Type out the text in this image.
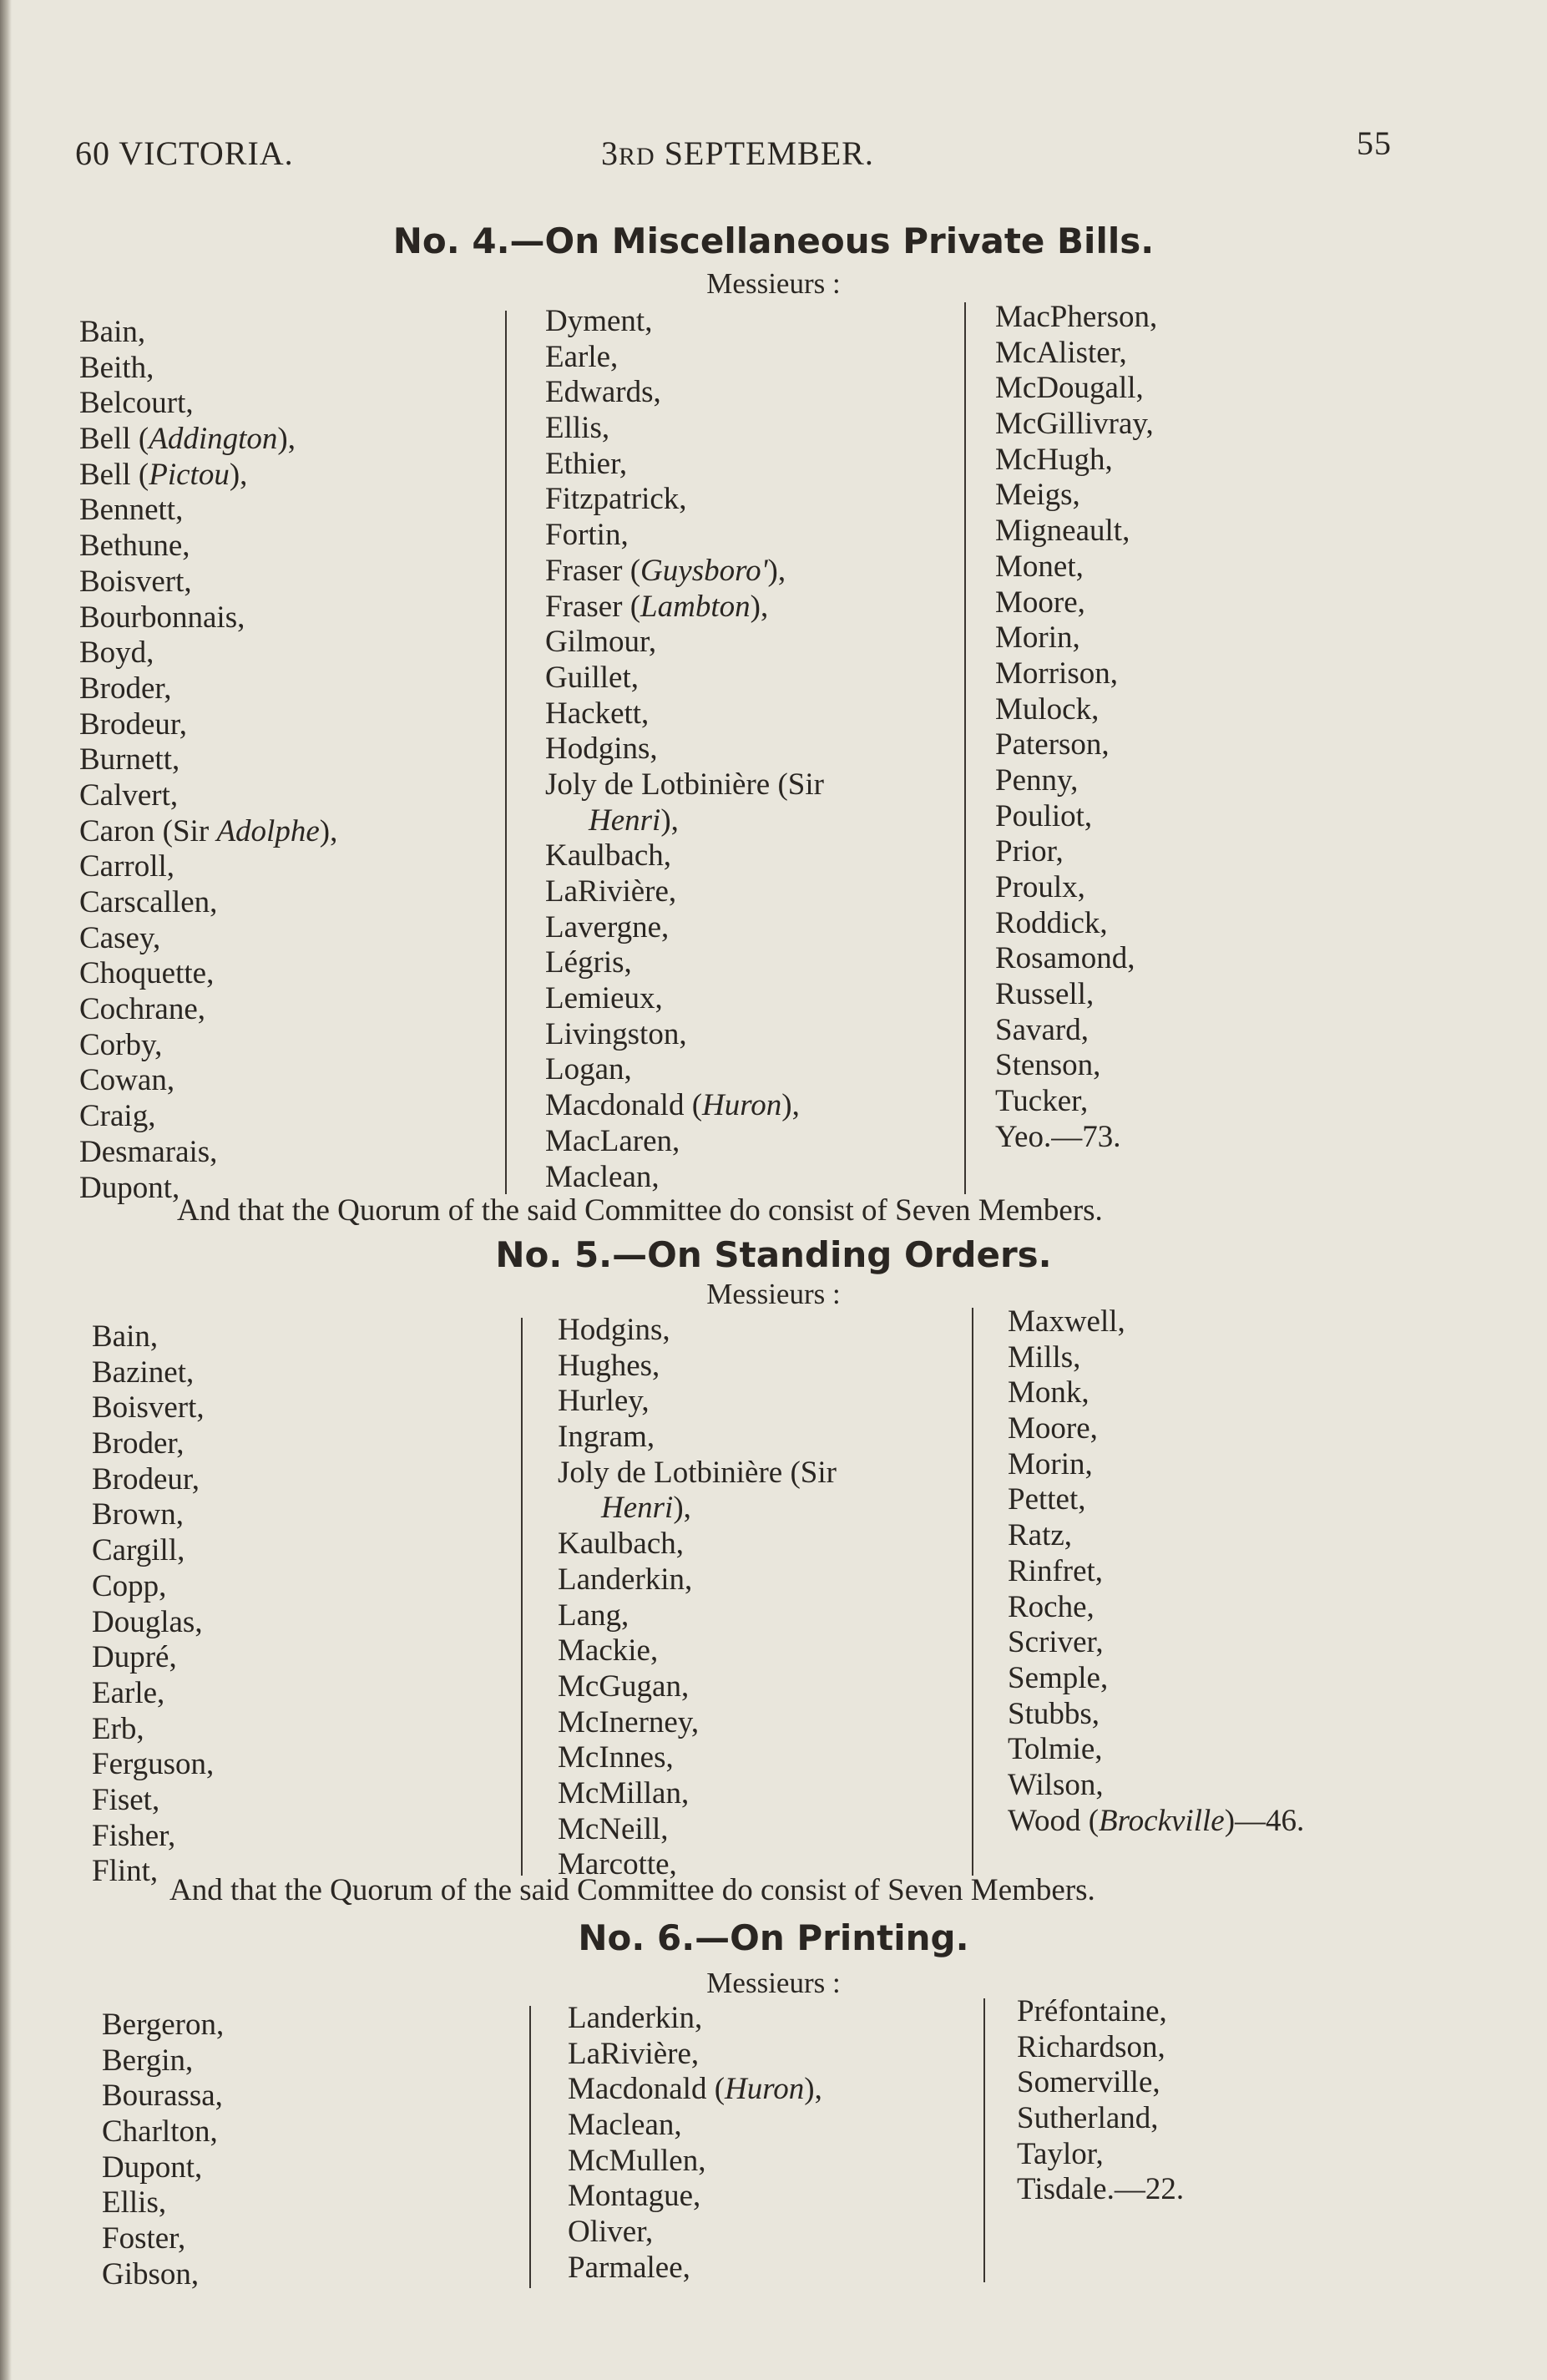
60 VICTORIA.	3RD SEPTEMBER.	55
No. 4.—On Miscellaneous Private Bills.
Messieurs :
Bain,
Beith,
Belcourt,
Bell (Addington),
Bell (Pictou),
Bennett,
Bethune,
Boisvert,
Bourbonnais,
Boyd,
Broder,
Brodeur,
Burnett,
Calvert,
Caron (Sir Adolphe),
Carroll,
Carscallen,
Casey,
Choquette,
Cochrane,
Corby,
Cowan,
Craig,
Desmarais,
Dupont,
Dyment,
Earle,
Edwards,
Ellis,
Ethier,
Fitzpatrick,
Fortin,
Fraser (Guysboro'),
Fraser (Lambton),
Gilmour,
Guillet,
Hackett,
Hodgins,
Joly de Lotbinière (Sir
Henri),
Kaulbach,
LaRivière,
Lavergne,
Légris,
Lemieux,
Livingston,
Logan,
Macdonald (Huron),
MacLaren,
Maclean,
MacPherson,
McAlister,
McDougall,
McGillivray,
McHugh,
Meigs,
Migneault,
Monet,
Moore,
Morin,
Morrison,
Mulock,
Paterson,
Penny,
Pouliot,
Prior,
Proulx,
Roddick,
Rosamond,
Russell,
Savard,
Stenson,
Tucker,
Yeo.—73.
And that the Quorum of the said Committee do consist of Seven Members.
No. 5.—On Standing Orders.
Messieurs :
Bain,
Bazinet,
Boisvert,
Broder,
Brodeur,
Brown,
Cargill,
Copp,
Douglas,
Dupré,
Earle,
Erb,
Ferguson,
Fiset,
Fisher,
Flint,
Hodgins,
Hughes,
Hurley,
Ingram,
Joly de Lotbinière (Sir
Henri),
Kaulbach,
Landerkin,
Lang,
Mackie,
McGugan,
McInerney,
McInnes,
McMillan,
McNeill,
Marcotte,
Maxwell,
Mills,
Monk,
Moore,
Morin,
Pettet,
Ratz,
Rinfret,
Roche,
Scriver,
Semple,
Stubbs,
Tolmie,
Wilson,
Wood (Brockville)—46.
And that the Quorum of the said Committee do consist of Seven Members.
No. 6.—On Printing.
Messieurs :
Bergeron,
Bergin,
Bourassa,
Charlton,
Dupont,
Ellis,
Foster,
Gibson,
Landerkin,
LaRivière,
Macdonald (Huron),
Maclean,
McMullen,
Montague,
Oliver,
Parmalee,
Préfontaine,
Richardson,
Somerville,
Sutherland,
Taylor,
Tisdale.—22.
